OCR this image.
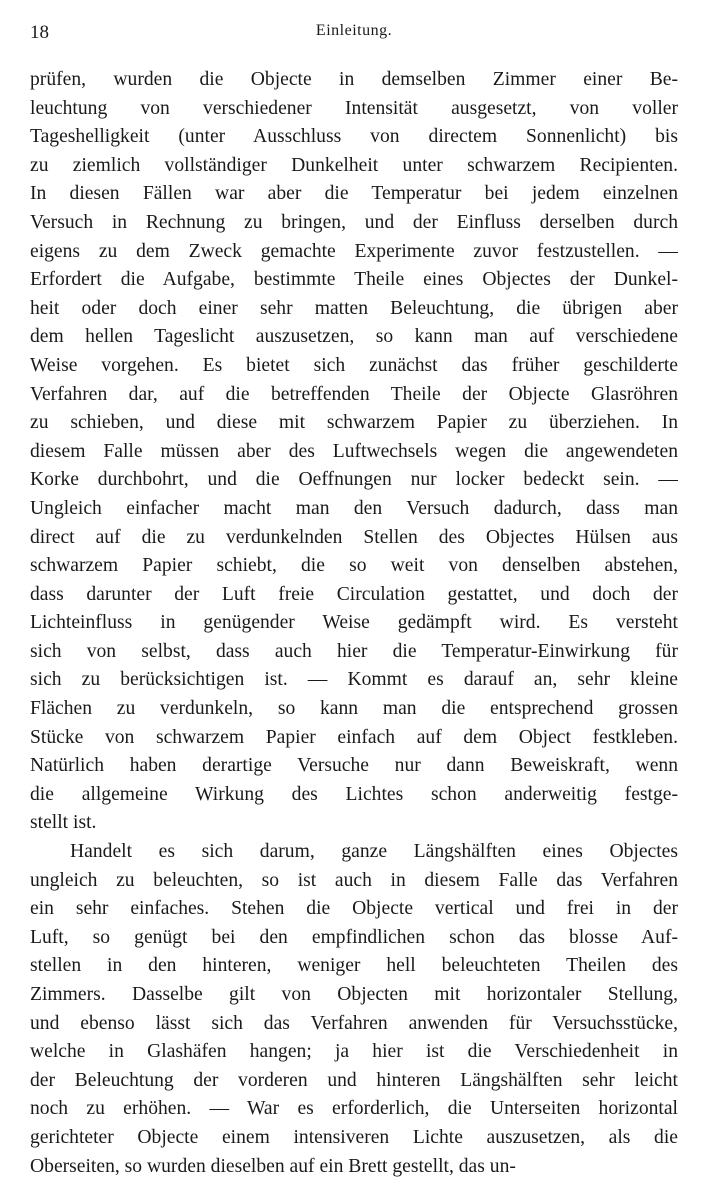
18	Einleitung.

prüfen, wurden die Objecte in demselben Zimmer einer Be-
leuchtung von verschiedener Intensität ausgesetzt, von voller
Tageshelligkeit (unter Ausschluss von directem Sonnenlicht) bis
zu ziemlich vollständiger Dunkelheit unter schwarzem Recipienten.
In diesen Fällen war aber die Temperatur bei jedem einzelnen
Versuch in Rechnung zu bringen, und der Einfluss derselben durch
eigens zu dem Zweck gemachte Experimente zuvor festzustellen. —
Erfordert die Aufgabe, bestimmte Theile eines Objectes der Dunkel-
heit oder doch einer sehr matten Beleuchtung, die übrigen aber
dem hellen Tageslicht auszusetzen, so kann man auf verschiedene
Weise vorgehen. Es bietet sich zunächst das früher geschilderte
Verfahren dar, auf die betreffenden Theile der Objecte Glasröhren
zu schieben, und diese mit schwarzem Papier zu überziehen. In
diesem Falle müssen aber des Luftwechsels wegen die angewendeten
Korke durchbohrt, und die Oeffnungen nur locker bedeckt sein. —
Ungleich einfacher macht man den Versuch dadurch, dass man
direct auf die zu verdunkelnden Stellen des Objectes Hülsen aus
schwarzem Papier schiebt, die so weit von denselben abstehen,
dass darunter der Luft freie Circulation gestattet, und doch der
Lichteinfluss in genügender Weise gedämpft wird. Es versteht
sich von selbst, dass auch hier die Temperatur-Einwirkung für
sich zu berücksichtigen ist. — Kommt es darauf an, sehr kleine
Flächen zu verdunkeln, so kann man die entsprechend grossen
Stücke von schwarzem Papier einfach auf dem Object festkleben.
Natürlich haben derartige Versuche nur dann Beweiskraft, wenn
die allgemeine Wirkung des Lichtes schon anderweitig festge-
stellt ist.

Handelt es sich darum, ganze Längshälften eines Objectes
ungleich zu beleuchten, so ist auch in diesem Falle das Verfahren
ein sehr einfaches. Stehen die Objecte vertical und frei in der
Luft, so genügt bei den empfindlichen schon das blosse Auf-
stellen in den hinteren, weniger hell beleuchteten Theilen des
Zimmers. Dasselbe gilt von Objecten mit horizontaler Stellung,
und ebenso lässt sich das Verfahren anwenden für Versuchsstücke,
welche in Glashäfen hangen; ja hier ist die Verschiedenheit in
der Beleuchtung der vorderen und hinteren Längshälften sehr leicht
noch zu erhöhen. — War es erforderlich, die Unterseiten horizontal
gerichteter Objecte einem intensiveren Lichte auszusetzen, als die
Oberseiten, so wurden dieselben auf ein Brett gestellt, das un-
